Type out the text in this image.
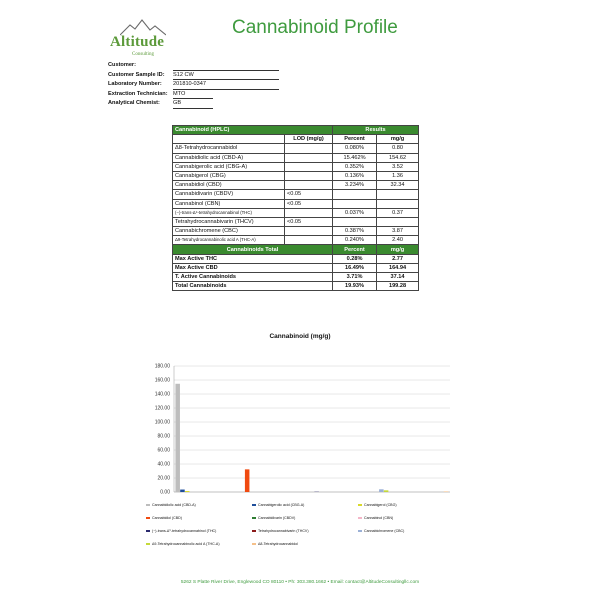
Altitude
Consulting
Cannabinoid Profile
Customer:
Customer Sample ID:	S12 CW
Laboratory Number:	201810-0347
Extraction Technician: MTO
Analytical Chemist:	GB
Cannabinoid (HPLC)		Results	
	LOD (mg/g)	Percent	mg/g
Δ8-Tetrahydrocannabidol		0.080%	0.80
Cannabidiolic acid (CBD-A)		15.462%	154.62
Cannabigerolic acid (CBG-A)		0.352%	3.52
Cannabigerol (CBG)		0.136%	1.36
Cannabidiol (CBD)		3.234%	32.34
Cannabidivarin (CBDV)	<0.05		
Cannabinol (CBN)	<0.05		
(−)-trans-Δ⁹-tetrahydrocannabinol (THC)		0.037%	0.37
Tetrahydrocannabivarin (THCV)	<0.05		
Cannabichromene (CBC)		0.387%	3.87
Δ9-Tetrahydrocannabinolic acid A (THC-A)		0.240%	2.40
Cannabinoids Total		Percent	mg/g
Max Active THC		0.28%	2.77
Max Active CBD		16.49%	164.94
T. Active Cannabinoids		3.71%	37.14
Total Cannabinoids		19.93%	199.28
Cannabinoid (mg/g)
0.00
20.00
40.00
60.00
80.00
100.00
120.00
140.00
160.00
180.00
Cannabidiolic acid (CBD-A)	Cannabigerolic acid (CBG-A)	Cannabigerol (CBG)
Cannabidiol (CBD)	Cannabidivarin (CBDV)	Cannabinol (CBN)
(−)-trans-Δ⁹-tetrahydrocannabinol (THC)	Tetrahydrocannabivarin (THCV)	Cannabichromene (CBC)
Δ9-Tetrahydrocannabinolic acid A (THC-A)	Δ8-Tetrahydrocannabidol
5262 S Platte River Drive, Englewood CO 80110 • Ph: 303.380.1662 • Email: contact@AltitudeConsultingllc.com
